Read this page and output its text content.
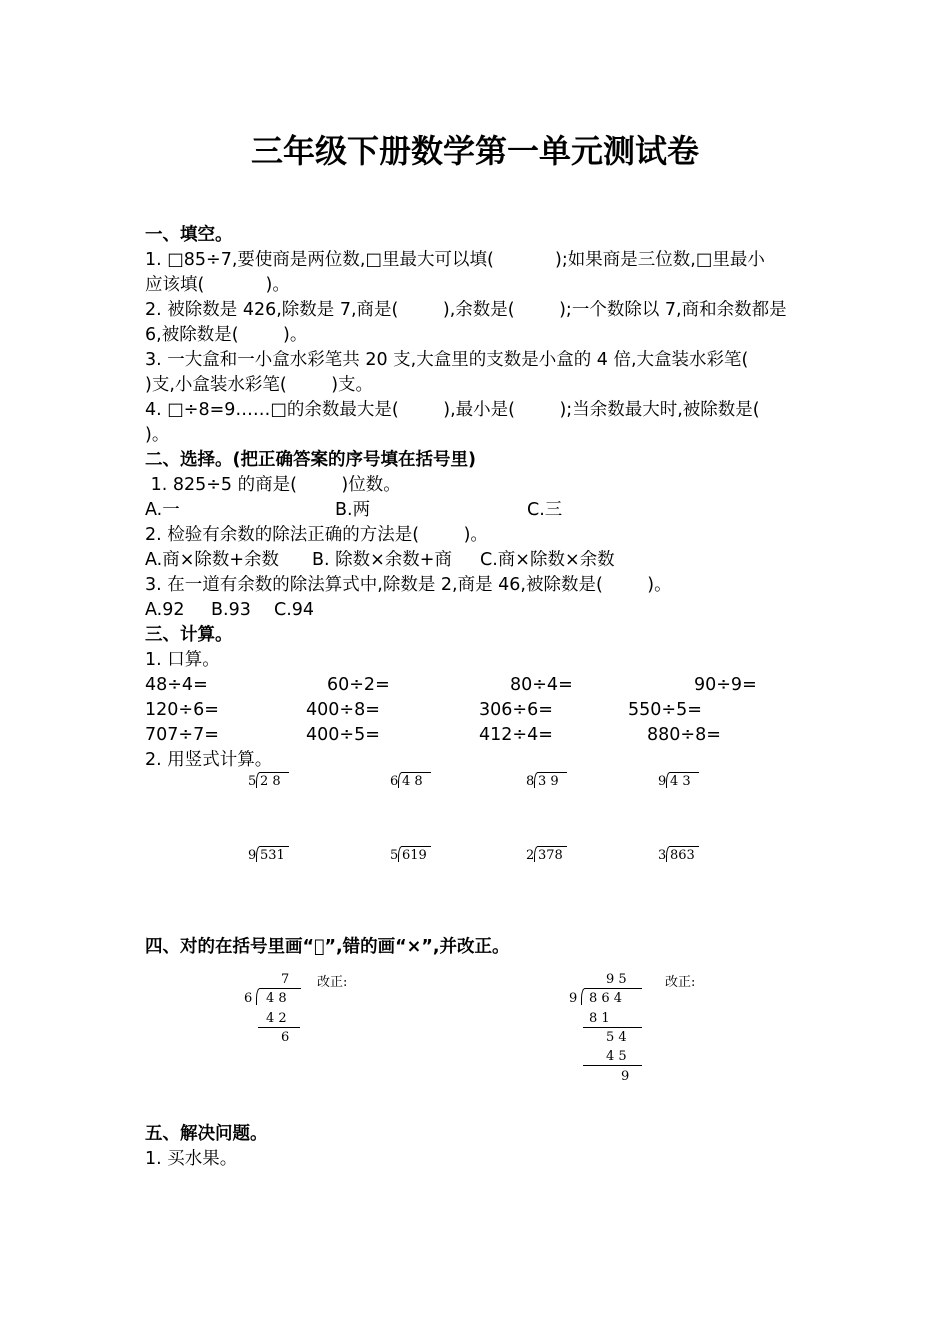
三年级下册数学第一单元测试卷
一、填空。
1. □85÷7,要使商是两位数,□里最大可以填(           );如果商是三位数,□里最小
应该填(           )。
2. 被除数是 426,除数是 7,商是(        ),余数是(        );一个数除以 7,商和余数都是
6,被除数是(        )。
3. 一大盒和一小盒水彩笔共 20 支,大盒里的支数是小盒的 4 倍,大盒装水彩笔(
)支,小盒装水彩笔(        )支。
4. □÷8=9……□的余数最大是(        ),最小是(        );当余数最大时,被除数是(
)。
二、选择。(把正确答案的序号填在括号里)
1. 825÷5 的商是(        )位数。
A.一	B.两	C.三
2. 检验有余数的除法正确的方法是(        )。
A.商×除数+余数 B. 除数×余数+商 C.商×除数×余数
3. 在一道有余数的除法算式中,除数是 2,商是 46,被除数是(        )。
A.92 B.93 C.94
三、计算。
1. 口算。
48÷4=	60÷2=	80÷4=	90÷9=
120÷6=	400÷8=	306÷6=	550÷5=
707÷7=	400÷5=	412÷4=	880÷8=
2. 用竖式计算。
5 2 8	6 4 8	8 3 9	9 4 3
9 531	5 619	2 378	3 863
四、对的在括号里画“ ”,错的画“×”,并改正。
7
6 4 8
4 2
6
改正:	9 5
9 8 6 4
8 1
5 4
4 5
9
改正:
五、解决问题。
1. 买水果。
